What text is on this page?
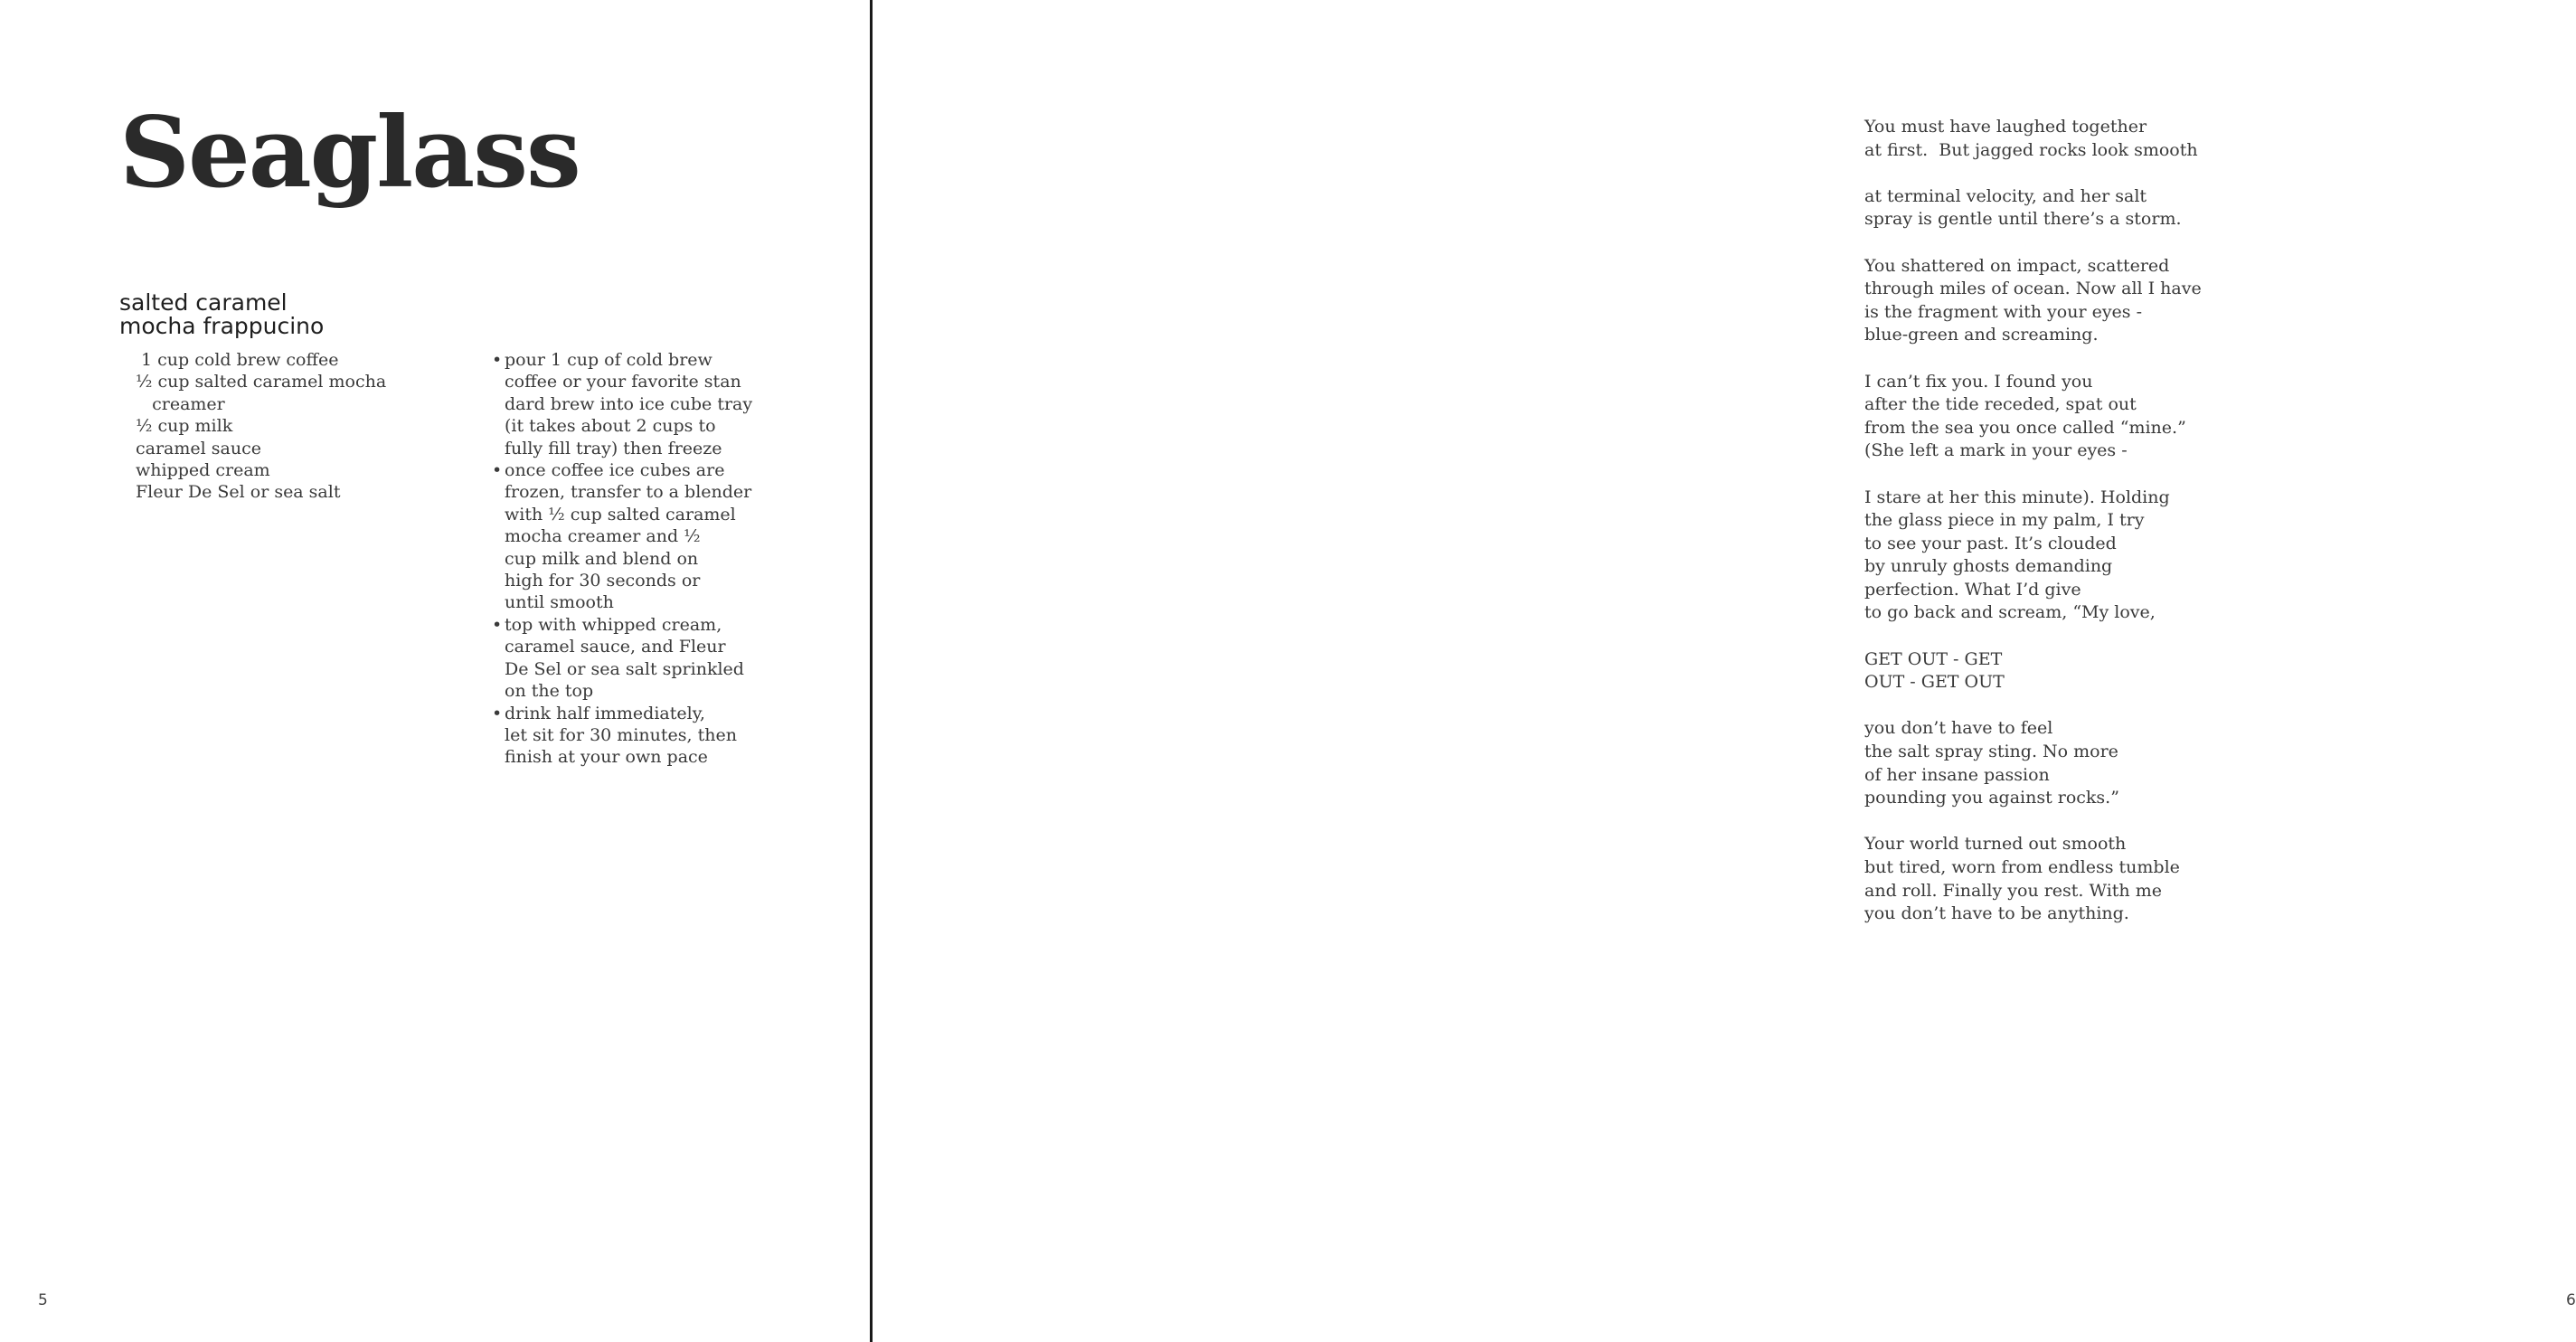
Seaglass
salted caramel
mocha frappucino
1 cup cold brew coffee
½ cup salted caramel mocha
creamer
½ cup milk
caramel sauce
whipped cream
Fleur De Sel or sea salt
• pour 1 cup of cold brew
coffee or your favorite stan
dard brew into ice cube tray
(it takes about 2 cups to
fully fill tray) then freeze
• once coffee ice cubes are
frozen, transfer to a blender
with ½ cup salted caramel
mocha creamer and ½
cup milk and blend on
high for 30 seconds or
until smooth
• top with whipped cream,
caramel sauce, and Fleur
De Sel or sea salt sprinkled
on the top
• drink half immediately,
let sit for 30 minutes, then
finish at your own pace
5
You must have laughed together
at first.  But jagged rocks look smooth
at terminal velocity, and her salt
spray is gentle until there’s a storm.
You shattered on impact, scattered
through miles of ocean. Now all I have
is the fragment with your eyes -
blue-green and screaming.
I can’t fix you. I found you
after the tide receded, spat out
from the sea you once called “mine.”
(She left a mark in your eyes -
I stare at her this minute). Holding
the glass piece in my palm, I try
to see your past. It’s clouded
by unruly ghosts demanding
perfection. What I’d give
to go back and scream, “My love,
GET OUT - GET
OUT - GET OUT
you don’t have to feel
the salt spray sting. No more
of her insane passion
pounding you against rocks.”
Your world turned out smooth
but tired, worn from endless tumble
and roll. Finally you rest. With me
you don’t have to be anything.
6
